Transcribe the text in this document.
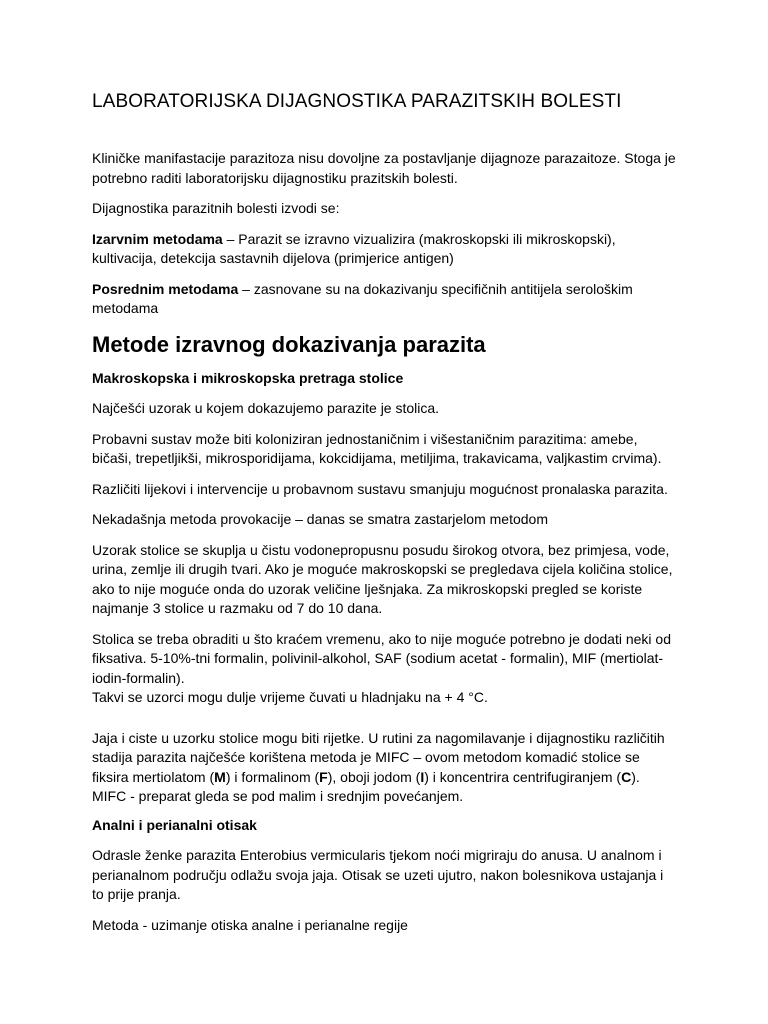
LABORATORIJSKA DIJAGNOSTIKA PARAZITSKIH BOLESTI

Kliničke manifastacije parazitoza nisu dovoljne za postavljanje dijagnoze parazaitoze. Stoga je potrebno raditi laboratorijsku dijagnostiku prazitskih bolesti.

Dijagnostika parazitnih bolesti izvodi se:

Izarvnim metodama – Parazit se izravno vizualizira (makroskopski ili mikroskopski), kultivacija, detekcija sastavnih dijelova (primjerice antigen)

Posrednim metodama – zasnovane su na dokazivanju specifičnih antitijela serološkim metodama

Metode izravnog dokazivanja parazita

Makroskopska i mikroskopska pretraga stolice

Najčešći uzorak u kojem dokazujemo parazite je stolica.

Probavni sustav može biti koloniziran jednostaničnim i višestaničnim parazitima: amebe, bičaši, trepetljikši, mikrosporidijama, kokcidijama, metiljima, trakavicama, valjkastim crvima).

Različiti lijekovi i intervencije u probavnom sustavu smanjuju mogućnost pronalaska parazita.

Nekadašnja metoda provokacije – danas se smatra zastarjelom metodom

Uzorak stolice se skuplja u čistu vodonepropusnu posudu širokog otvora, bez primjesa, vode, urina, zemlje ili drugih tvari. Ako je moguće makroskopski se pregledava cijela količina stolice, ako to nije moguće onda do uzorak veličine lješnjaka. Za mikroskopski pregled se koriste najmanje 3 stolice u razmaku od 7 do 10 dana.

Stolica se treba obraditi u što kraćem vremenu, ako to nije moguće potrebno je dodati neki od fiksativa. 5-10%-tni formalin, polivinil-alkohol, SAF (sodium acetat - formalin), MIF (mertiolat-iodin-formalin).
Takvi se uzorci mogu dulje vrijeme čuvati u hladnjaku na + 4 °C.

Jaja i ciste u uzorku stolice mogu biti rijetke. U rutini za nagomilavanje i dijagnostiku različitih stadija parazita najčešće korištena metoda je MIFC – ovom metodom komadić stolice se fiksira mertiolatom (M) i formalinom (F), oboji jodom (I) i koncentrira centrifugiranjem (C).
MIFC - preparat gleda se pod malim i srednjim povećanjem.

Analni i perianalni otisak

Odrasle ženke parazita Enterobius vermicularis tjekom noći migriraju do anusa. U analnom i perianalnom području odlažu svoja jaja. Otisak se uzeti ujutro, nakon bolesnikova ustajanja i to prije pranja.

Metoda - uzimanje otiska analne i perianalne regije
